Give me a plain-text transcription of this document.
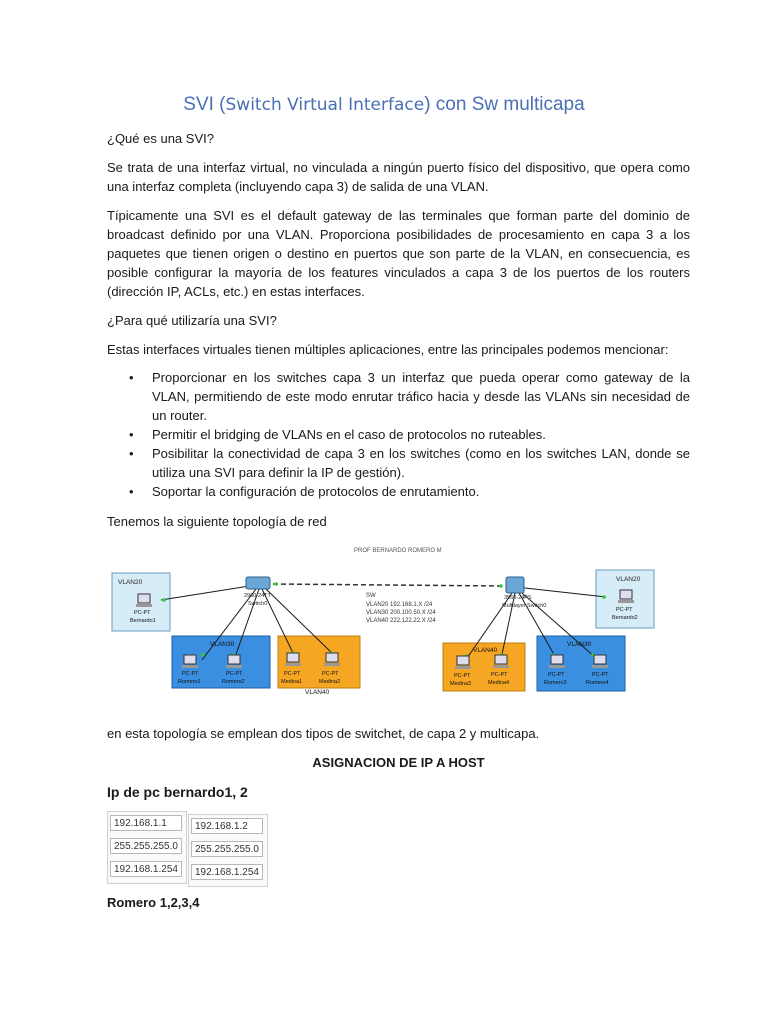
SVI (Switch Virtual Interface) con Sw multicapa
¿Qué es una SVI?
Se trata de una interfaz virtual, no vinculada a ningún puerto físico del dispositivo, que opera como una interfaz completa (incluyendo capa 3) de salida de una VLAN.
Típicamente una SVI es el default gateway de las terminales que forman parte del dominio de broadcast definido por una VLAN. Proporciona posibilidades de procesamiento en capa 3 a los paquetes que tienen origen o destino en puertos que son parte de la VLAN, en consecuencia, es posible configurar la mayoría de los features vinculados a capa 3 de los puertos de los routers (dirección IP, ACLs, etc.) en estas interfaces.
¿Para qué utilizaría una SVI?
Estas interfaces virtuales tienen múltiples aplicaciones, entre las principales podemos mencionar:
• Proporcionar en los switches capa 3 un interfaz que pueda operar como gateway de la VLAN, permitiendo de este modo enrutar tráfico hacia y desde las VLANs sin necesidad de un router.
• Permitir el bridging de VLANs en el caso de protocolos no ruteables.
• Posibilitar la conectividad de capa 3 en los switches (como en los switches LAN, donde se utiliza una SVI para definir la IP de gestión).
• Soportar la configuración de protocolos de enrutamiento.
Tenemos la siguiente topología de red
PROF BERNARDO ROMERO M
VLAN20	VLAN20
VLAN30
VLAN40
VLAN40
VLAN30
2960-24TT
Switch0
3560-24PS
Multilayer Switch0
SW
VLAN20 192.168.1.X /24
VLAN30 200.100.50.X /24
VLAN40 222.122.22.X /24
PC-PT
Bernardo1
PC-PT
Bernardo2
PC-PT
Romero1
PC-PT
Romero2
PC-PT
Medina1
PC-PT
Medina2
PC-PT
Medina3
PC-PT
Medina4
PC-PT
Romero3
PC-PT
Romero4
en esta topología se emplean dos tipos de switchet, de capa 2 y multicapa.
ASIGNACION DE IP A HOST
Ip de pc bernardo1, 2
192.168.1.1
255.255.255.0
192.168.1.254
192.168.1.2
255.255.255.0
192.168.1.254
Romero 1,2,3,4
